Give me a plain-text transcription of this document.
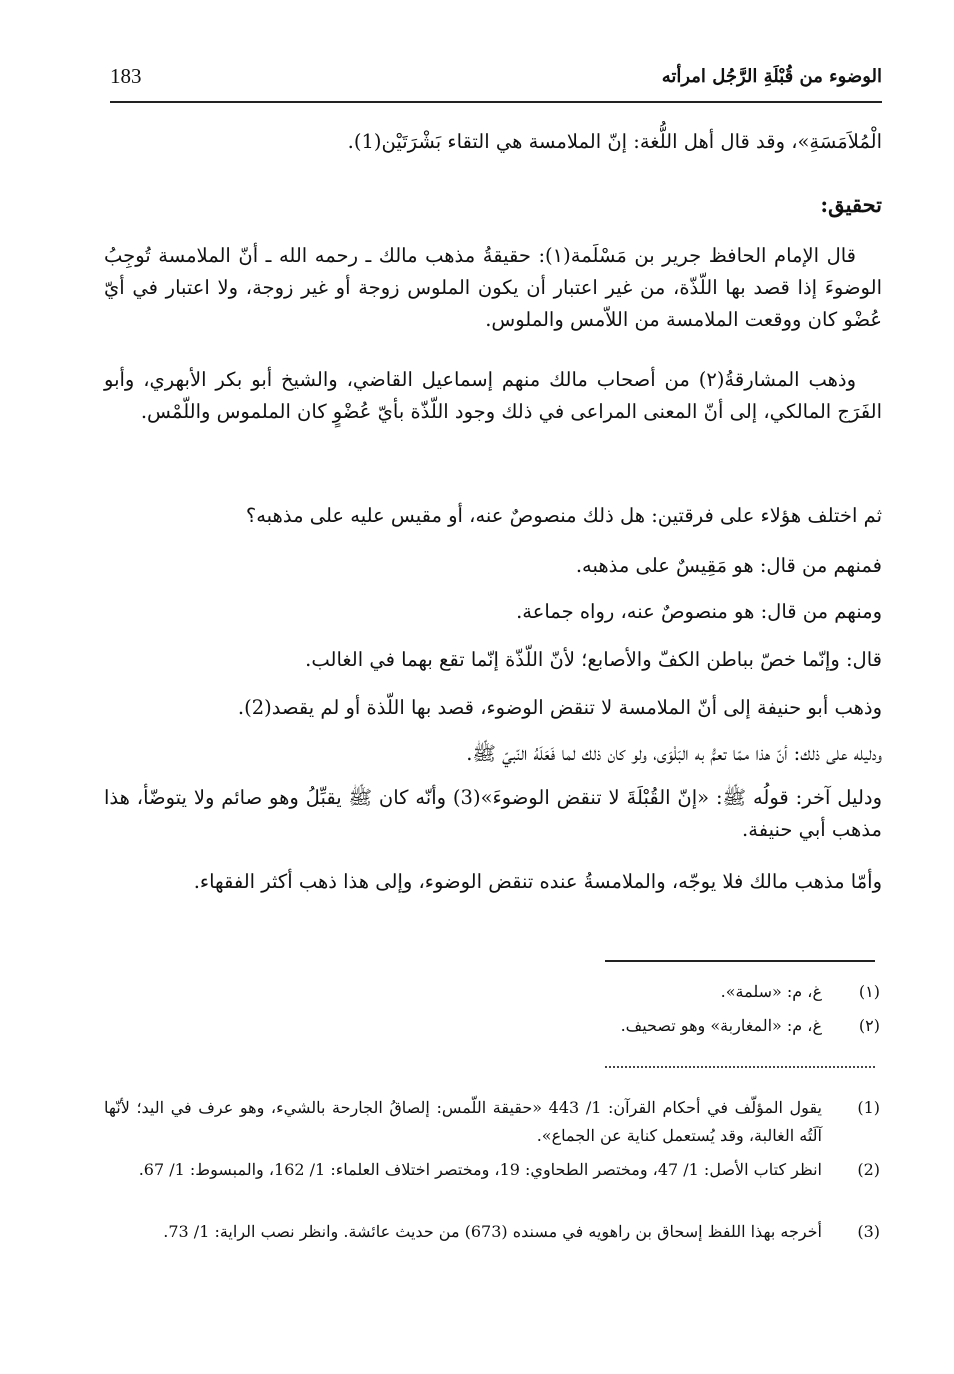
الوضوء من قُبْلَةِ الرَّجُل امرأته
183
الْمُلاَمَسَةِ»، وقد قال أهل اللُّغة: إنّ الملامسة هي التقاء بَشْرَتَيْن(1).
تحقيق:
قال الإمام الحافظ جرير بن مَسْلَمة(١): حقيقةُ مذهب مالك ـ رحمه الله ـ أنّ الملامسة تُوجِبُ الوضوءَ إذا قصد بها اللّذّة، من غير اعتبار أن يكون الملوس زوجة أو غير زوجة، ولا اعتبار في أيّ عُضْو كان ووقعت الملامسة من اللاّمس والملوس.
وذهب المشارقةُ(٢) من أصحاب مالك منهم إسماعيل القاضي، والشيخ أبو بكر الأبهري، وأبو الفَرَج المالكي، إلى أنّ المعنى المراعى في ذلك وجود اللّذّة بأيّ عُضْوٍ كان الملموس واللّمْس.
ثم اختلف هؤلاء على فرقتين: هل ذلك منصوصٌ عنه، أو مقيس عليه على مذهبه؟
فمنهم من قال: هو مَقِيسٌ على مذهبه.
ومنهم من قال: هو منصوصٌ عنه، رواه جماعة.
قال: وإنّما خصّ بباطن الكفّ والأصابع؛ لأنّ اللّذّة إنّما تقع بهما في الغالب.
وذهب أبو حنيفة إلى أنّ الملامسة لا تنقض الوضوء، قصد بها اللّذة أو لم يقصد(2).
ودليله على ذلك: أنّ هذا ممّا تعمُّ به البَلْوَى، ولو كان ذلك لما فَعَلَهُ النّبيّ ﷺ.
ودليل آخر: قولُه ﷺ: «إنّ القُبْلَةَ لا تنقض الوضوءَ»(3) وأنّه كان ﷺ يقبِّلُ وهو صائم ولا يتوضّأ، هذا مذهب أبي حنيفة.
وأمّا مذهب مالك فلا يوجّه، والملامسةُ عنده تنقض الوضوء، وإلى هذا ذهب أكثر الفقهاء.
(١)
غ، م: «سلمة».
(٢)
غ، م: «المغاربة» وهو تصحيف.
(1)
يقول المؤلّف في أحكام القرآن: 1/ 443 «حقيقة اللّمس: إلصاقُ الجارحة بالشيء، وهو عرف في اليد؛ لأنّها آلَتُه الغالبة، وقد يُستعمل كناية عن الجماع».
(2)
انظر كتاب الأصل: 1/ 47، ومختصر الطحاوي: 19، ومختصر اختلاف العلماء: 1/ 162، والمبسوط: 1/ 67.
(3)
أخرجه بهذا اللفظ إسحاق بن راهويه في مسنده (673) من حديث عائشة. وانظر نصب الراية: 1/ 73.
